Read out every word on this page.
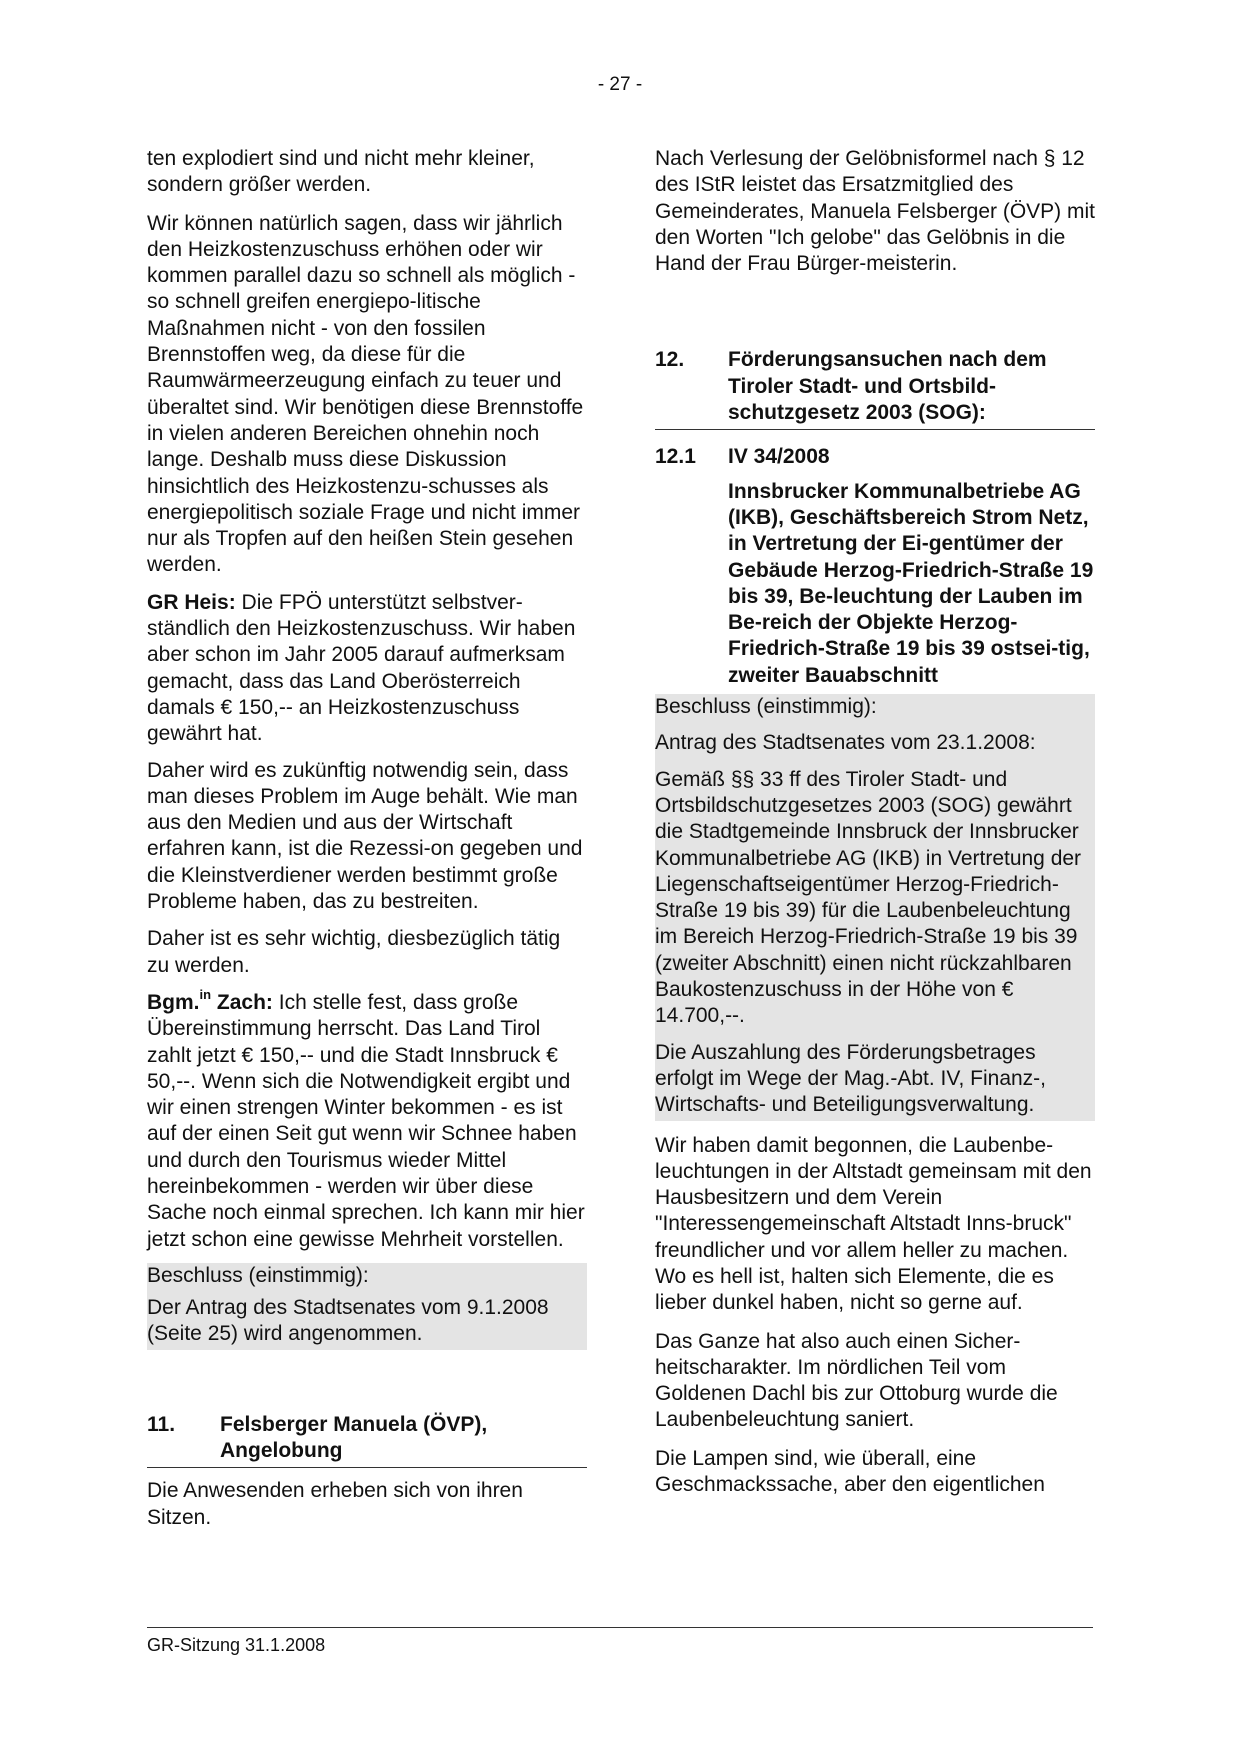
- 27 -

ten explodiert sind und nicht mehr kleiner, sondern größer werden.

Wir können natürlich sagen, dass wir jährlich den Heizkostenzuschuss erhöhen oder wir kommen parallel dazu so schnell als möglich - so schnell greifen energiepo-litische Maßnahmen nicht - von den fossilen Brennstoffen weg, da diese für die Raumwärmeerzeugung einfach zu teuer und überaltet sind. Wir benötigen diese Brennstoffe in vielen anderen Bereichen ohnehin noch lange. Deshalb muss diese Diskussion hinsichtlich des Heizkostenzu-schusses als energiepolitisch soziale Frage und nicht immer nur als Tropfen auf den heißen Stein gesehen werden.

GR Heis: Die FPÖ unterstützt selbstver-ständlich den Heizkostenzuschuss. Wir haben aber schon im Jahr 2005 darauf aufmerksam gemacht, dass das Land Oberösterreich damals € 150,-- an Heizkostenzuschuss gewährt hat.

Daher wird es zukünftig notwendig sein, dass man dieses Problem im Auge behält. Wie man aus den Medien und aus der Wirtschaft erfahren kann, ist die Rezessi-on gegeben und die Kleinstverdiener werden bestimmt große Probleme haben, das zu bestreiten.

Daher ist es sehr wichtig, diesbezüglich tätig zu werden.

Bgm.$^{in}$ Zach: Ich stelle fest, dass große Übereinstimmung herrscht. Das Land Tirol zahlt jetzt € 150,-- und die Stadt Innsbruck € 50,--. Wenn sich die Notwendigkeit ergibt und wir einen strengen Winter bekommen - es ist auf der einen Seit gut wenn wir Schnee haben und durch den Tourismus wieder Mittel hereinbekommen - werden wir über diese Sache noch einmal sprechen. Ich kann mir hier jetzt schon eine gewisse Mehrheit vorstellen.

Beschluss (einstimmig):
Der Antrag des Stadtsenates vom 9.1.2008 (Seite 25) wird angenommen.
11.	Felsberger Manuela (ÖVP), Angelobung

Die Anwesenden erheben sich von ihren Sitzen.

Nach Verlesung der Gelöbnisformel nach § 12 des IStR leistet das Ersatzmitglied des Gemeinderates, Manuela Felsberger (ÖVP) mit den Worten "Ich gelobe" das Gelöbnis in die Hand der Frau Bürger-meisterin.

12.	Förderungsansuchen nach dem Tiroler Stadt- und Ortsbild-schutzgesetz 2003 (SOG):
12.1	IV 34/2008
Innsbrucker Kommunalbetriebe AG (IKB), Geschäftsbereich Strom Netz, in Vertretung der Ei-gentümer der Gebäude Herzog-Friedrich-Straße 19 bis 39, Be-leuchtung der Lauben im Be-reich der Objekte Herzog-Friedrich-Straße 19 bis 39 ostsei-tig, zweiter Bauabschnitt
Beschluss (einstimmig):
Antrag des Stadtsenates vom 23.1.2008:
Gemäß §§ 33 ff des Tiroler Stadt- und Ortsbildschutzgesetzes 2003 (SOG) gewährt die Stadtgemeinde Innsbruck der Innsbrucker Kommunalbetriebe AG (IKB) in Vertretung der Liegenschaftseigentümer Herzog-Friedrich-Straße 19 bis 39) für die Laubenbeleuchtung im Bereich Herzog-Friedrich-Straße 19 bis 39 (zweiter Abschnitt) einen nicht rückzahlbaren Baukostenzuschuss in der Höhe von € 14.700,--.
Die Auszahlung des Förderungsbetrages erfolgt im Wege der Mag.-Abt. IV, Finanz-, Wirtschafts- und Beteiligungsverwaltung.

Wir haben damit begonnen, die Laubenbe-leuchtungen in der Altstadt gemeinsam mit den Hausbesitzern und dem Verein "Interessengemeinschaft Altstadt Inns-bruck" freundlicher und vor allem heller zu machen. Wo es hell ist, halten sich Elemente, die es lieber dunkel haben, nicht so gerne auf.

Das Ganze hat also auch einen Sicher-heitscharakter. Im nördlichen Teil vom Goldenen Dachl bis zur Ottoburg wurde die Laubenbeleuchtung saniert.

Die Lampen sind, wie überall, eine Geschmackssache, aber den eigentlichen

GR-Sitzung 31.1.2008
